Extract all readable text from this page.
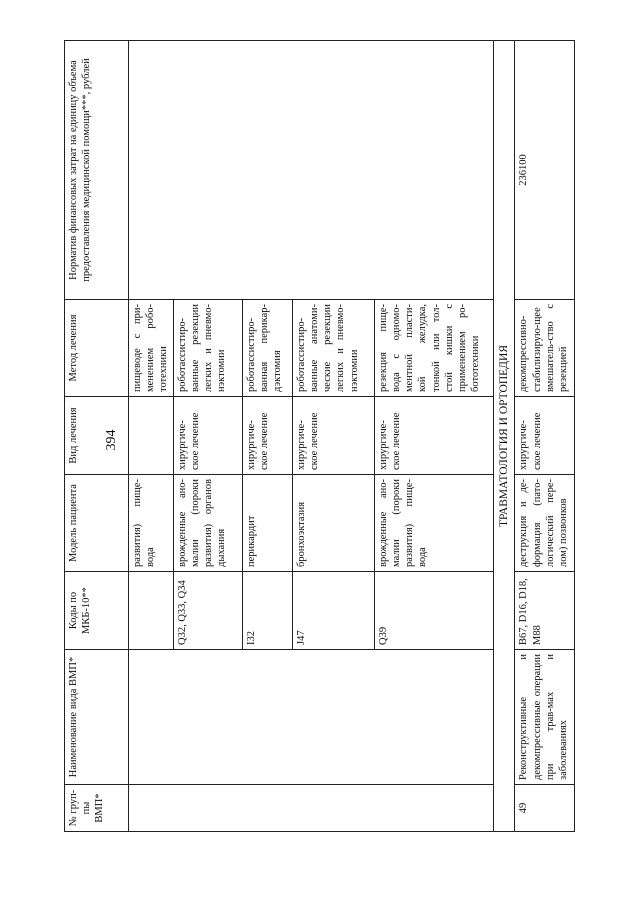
394
№ груп-пы ВМП*	Наименование вида ВМП*	Коды по МКБ-10**	Модель пациента	Вид лечения	Метод лечения	Норматив финансовых затрат на единицу объема предоставления медицинской помощи***, рублей
			развития) пище-вода		пищеводе с при-менением робо-тотехники	
		Q32, Q33, Q34	врожденные ано-малии (пороки развития) органов дыхания	хирургиче-ское лечение	роботассистиро-ванные резекции легких и пневмо-нэктомии	
		I32	перикардит	хирургиче-ское лечение	роботассистиро-ванная перикар-дэктомия	
		J47	бронхоэктазия	хирургиче-ское лечение	роботассистиро-ванные анатоми-ческие резекции легких и пневмо-нэктомии	
		Q39	врожденные ано-малии (пороки развития) пище-вода	хирургиче-ское лечение	резекция пище-вода с одномо-ментной пласти-кой желудка, тонкой или тол-стой кишки с применением ро-бототехники	
ТРАВМАТОЛОГИЯ И ОРТОПЕДИЯ						
49	Реконструктивные и декомпрессивные операции при трав-мах и заболеваниях	B67, D16, D18, M88	деструкция и де-формация (пато-логический пере-лом) позвонков	хирургиче-ское лечение	декомпрессивно-стабилизирую-щее вмешатель-ство с резекцией	236100
